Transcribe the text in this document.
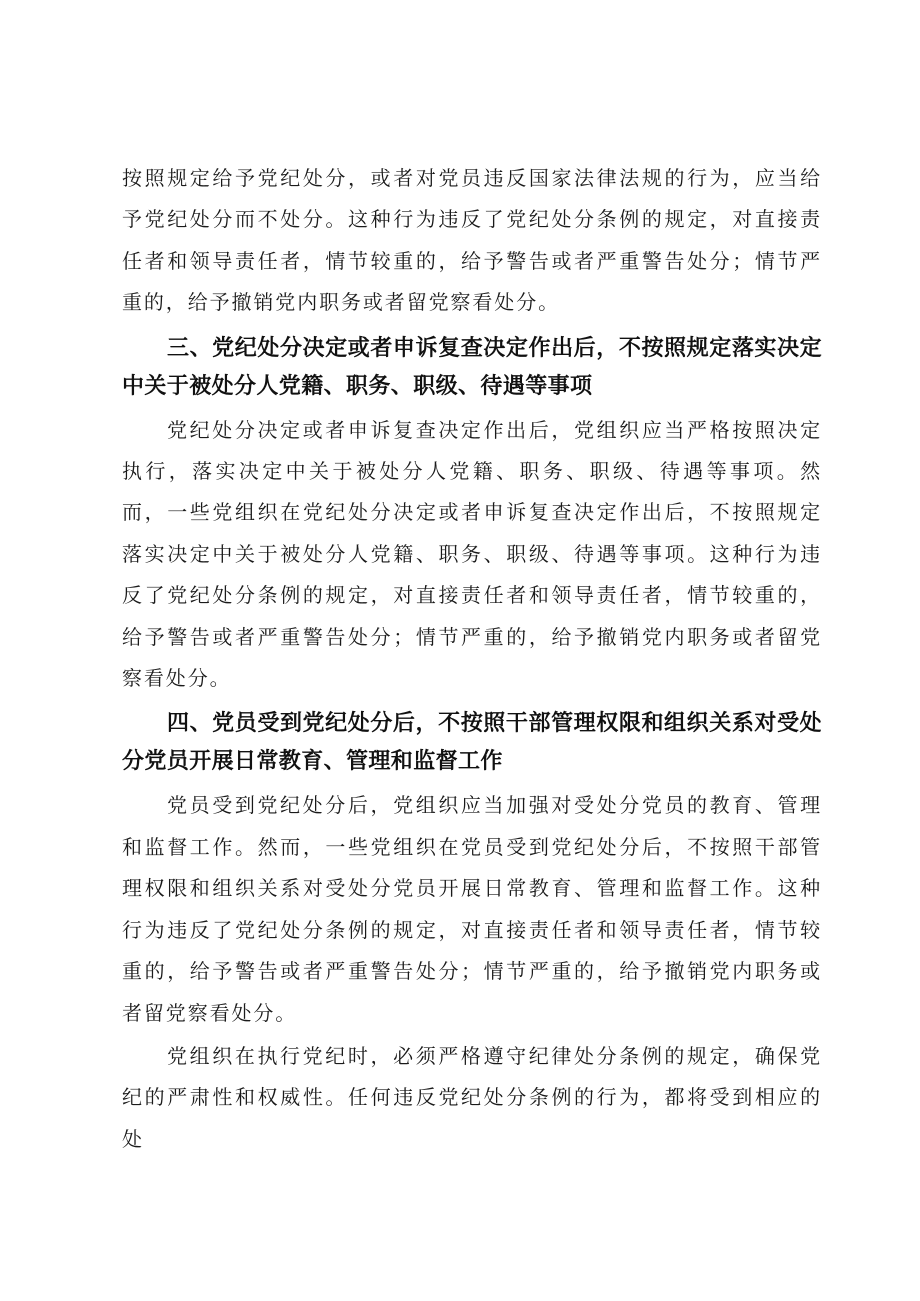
按照规定给予党纪处分，或者对党员违反国家法律法规的行为，应当给予党纪处分而不处分。这种行为违反了党纪处分条例的规定，对直接责任者和领导责任者，情节较重的，给予警告或者严重警告处分；情节严重的，给予撤销党内职务或者留党察看处分。

三、党纪处分决定或者申诉复查决定作出后，不按照规定落实决定中关于被处分人党籍、职务、职级、待遇等事项

党纪处分决定或者申诉复查决定作出后，党组织应当严格按照决定执行，落实决定中关于被处分人党籍、职务、职级、待遇等事项。然而，一些党组织在党纪处分决定或者申诉复查决定作出后，不按照规定落实决定中关于被处分人党籍、职务、职级、待遇等事项。这种行为违反了党纪处分条例的规定，对直接责任者和领导责任者，情节较重的，给予警告或者严重警告处分；情节严重的，给予撤销党内职务或者留党察看处分。

四、党员受到党纪处分后，不按照干部管理权限和组织关系对受处分党员开展日常教育、管理和监督工作

党员受到党纪处分后，党组织应当加强对受处分党员的教育、管理和监督工作。然而，一些党组织在党员受到党纪处分后，不按照干部管理权限和组织关系对受处分党员开展日常教育、管理和监督工作。这种行为违反了党纪处分条例的规定，对直接责任者和领导责任者，情节较重的，给予警告或者严重警告处分；情节严重的，给予撤销党内职务或者留党察看处分。

党组织在执行党纪时，必须严格遵守纪律处分条例的规定，确保党纪的严肃性和权威性。任何违反党纪处分条例的行为，都将受到相应的处
